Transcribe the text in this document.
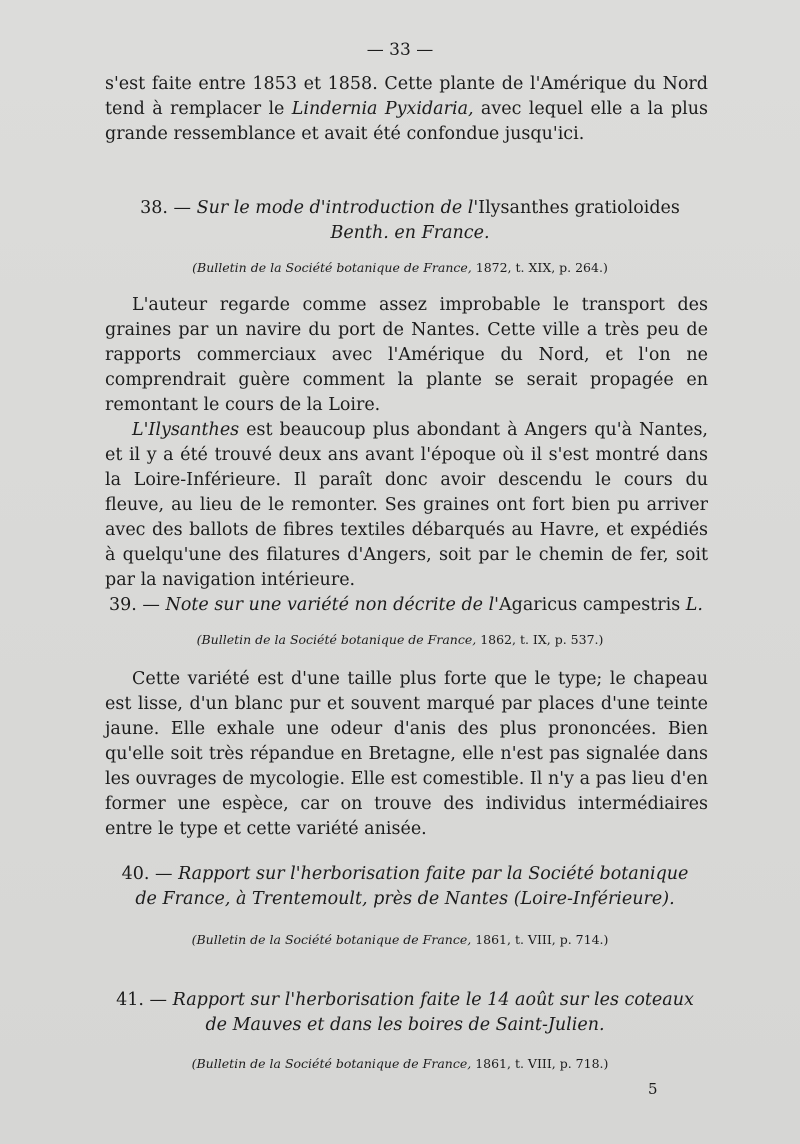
— 33 —

s'est faite entre 1853 et 1858. Cette plante de l'Amérique du Nord tend à remplacer le Lindernia Pyxidaria, avec lequel elle a la plus grande ressemblance et avait été confondue jusqu'ici.

38. — Sur le mode d'introduction de l'Ilysanthes gratioloides Benth. en France.
(Bulletin de la Société botanique de France, 1872, t. XIX, p. 264.)

L'auteur regarde comme assez improbable le transport des graines par un navire du port de Nantes. Cette ville a très peu de rapports commerciaux avec l'Amérique du Nord, et l'on ne comprendrait guère comment la plante se serait propagée en remontant le cours de la Loire.

L'Ilysanthes est beaucoup plus abondant à Angers qu'à Nantes, et il y a été trouvé deux ans avant l'époque où il s'est montré dans la Loire-Inférieure. Il paraît donc avoir descendu le cours du fleuve, au lieu de le remonter. Ses graines ont fort bien pu arriver avec des ballots de fibres textiles débarqués au Havre, et expédiés à quelqu'une des filatures d'Angers, soit par le chemin de fer, soit par la navigation intérieure.

39. — Note sur une variété non décrite de l'Agaricus campestris L.
(Bulletin de la Société botanique de France, 1862, t. IX, p. 537.)

Cette variété est d'une taille plus forte que le type; le chapeau est lisse, d'un blanc pur et souvent marqué par places d'une teinte jaune. Elle exhale une odeur d'anis des plus prononcées. Bien qu'elle soit très répandue en Bretagne, elle n'est pas signalée dans les ouvrages de mycologie. Elle est comestible. Il n'y a pas lieu d'en former une espèce, car on trouve des individus intermédiaires entre le type et cette variété anisée.

40. — Rapport sur l'herborisation faite par la Société botanique de France, à Trentemoult, près de Nantes (Loire-Inférieure).
(Bulletin de la Société botanique de France, 1861, t. VIII, p. 714.)
41. — Rapport sur l'herborisation faite le 14 août sur les coteaux de Mauves et dans les boires de Saint-Julien.
(Bulletin de la Société botanique de France, 1861, t. VIII, p. 718.)
5
